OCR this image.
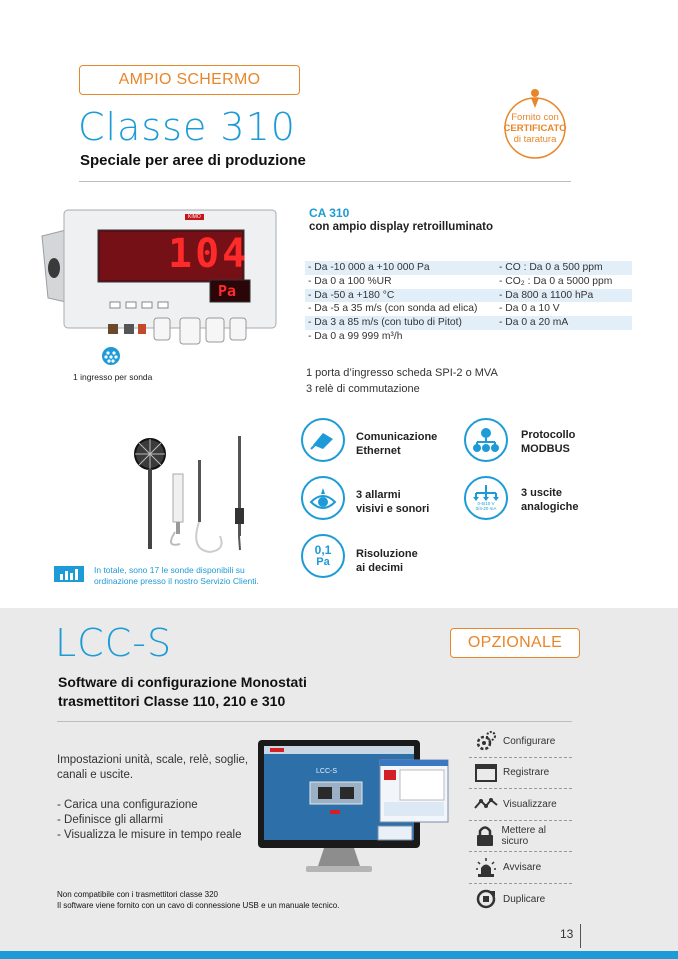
AMPIO SCHERMO
Classe 310
Speciale per aree di produzione
Fornito con
CERTIFICATO
di taratura
104
Pa
KIMO
1 ingresso per sonda
CA 310
con ampio display retroilluminato
- Da -10 000 a +10 000 Pa	- CO : Da 0 a 500 ppm
- Da 0 a 100 %UR	- CO₂ : Da 0 a 5000 ppm
- Da -50 a +180 °C	- Da 800 a 1100 hPa
- Da -5 a 35 m/s (con sonda ad elica)	- Da 0 a 10 V
- Da 3 a 85 m/s (con tubo di Pitot)	- Da 0 a 20 mA
- Da 0 a 99 999 m³/h
1 porta d’ingresso scheda SPI-2 o MVA
3 relè di commutazione
In totale, sono 17 le sonde disponibili su
ordinazione presso il nostro Servizio Clienti.
Comunicazione
Ethernet
Protocollo
MODBUS
3 allarmi
visivi e sonori	0-5/10 V
0/4-20 mA
3 uscite
analogiche
0,1
Pa
Risoluzione
ai decimi
LCC-S	OPZIONALE
Software di configurazione Monostati
trasmettitori Classe 110, 210 e 310
Impostazioni unità, scale, relè, soglie,
canali e uscite.
- Carica una configurazione
- Definisce gli allarmi
- Visualizza le misure in tempo reale
LCC-S
Configurare
Registrare
Visualizzare
Mettere al sicuro
Avvisare
Duplicare
Non compatibile con i trasmettitori classe 320
Il software viene fornito con un cavo di connessione USB e un manuale tecnico.
13
